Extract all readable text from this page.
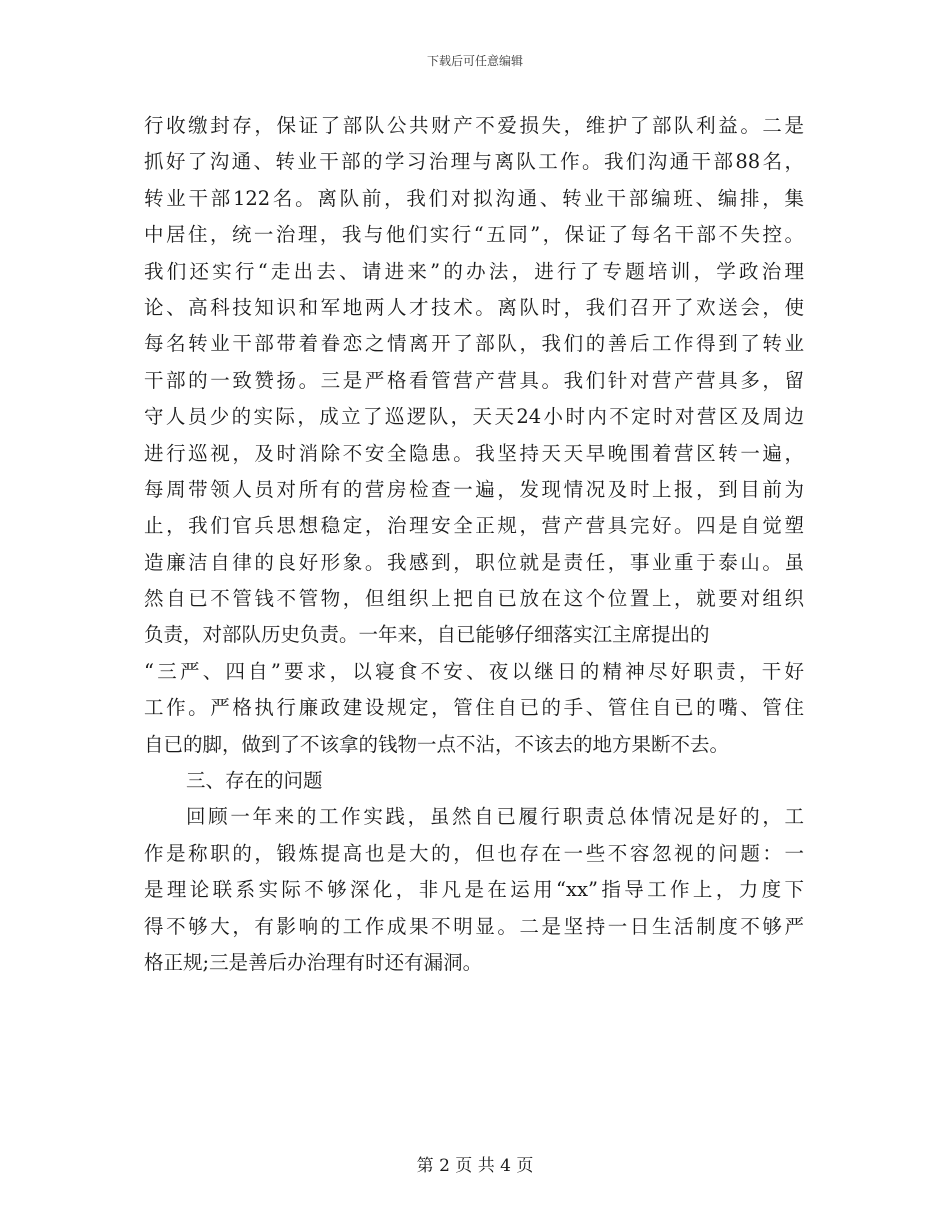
下载后可任意编辑
行收缴封存，保证了部队公共财产不爱损失，维护了部队利益。二是
抓好了沟通、转业干部的学习治理与离队工作。我们沟通干部88名，
转业干部122名。离队前，我们对拟沟通、转业干部编班、编排，集
中居住，统一治理，我与他们实行“五同”，保证了每名干部不失控。
我们还实行“走出去、请进来”的办法，进行了专题培训，学政治理
论、高科技知识和军地两人才技术。离队时，我们召开了欢送会，使
每名转业干部带着眷恋之情离开了部队，我们的善后工作得到了转业
干部的一致赞扬。三是严格看管营产营具。我们针对营产营具多，留
守人员少的实际，成立了巡逻队，天天24小时内不定时对营区及周边
进行巡视，及时消除不安全隐患。我坚持天天早晚围着营区转一遍，
每周带领人员对所有的营房检查一遍，发现情况及时上报，到目前为
止，我们官兵思想稳定，治理安全正规，营产营具完好。四是自觉塑
造廉洁自律的良好形象。我感到，职位就是责任，事业重于泰山。虽
然自已不管钱不管物，但组织上把自已放在这个位置上，就要对组织
负责，对部队历史负责。一年来，自已能够仔细落实江主席提出的
“三严、四自”要求，以寝食不安、夜以继日的精神尽好职责，干好
工作。严格执行廉政建设规定，管住自已的手、管住自已的嘴、管住
自已的脚，做到了不该拿的钱物一点不沾，不该去的地方果断不去。
三、存在的问题
回顾一年来的工作实践，虽然自已履行职责总体情况是好的，工
作是称职的，锻炼提高也是大的，但也存在一些不容忽视的问题：一
是理论联系实际不够深化，非凡是在运用“xx”指导工作上，力度下
得不够大，有影响的工作成果不明显。二是坚持一日生活制度不够严
格正规;三是善后办治理有时还有漏洞。
第 2 页 共 4 页
